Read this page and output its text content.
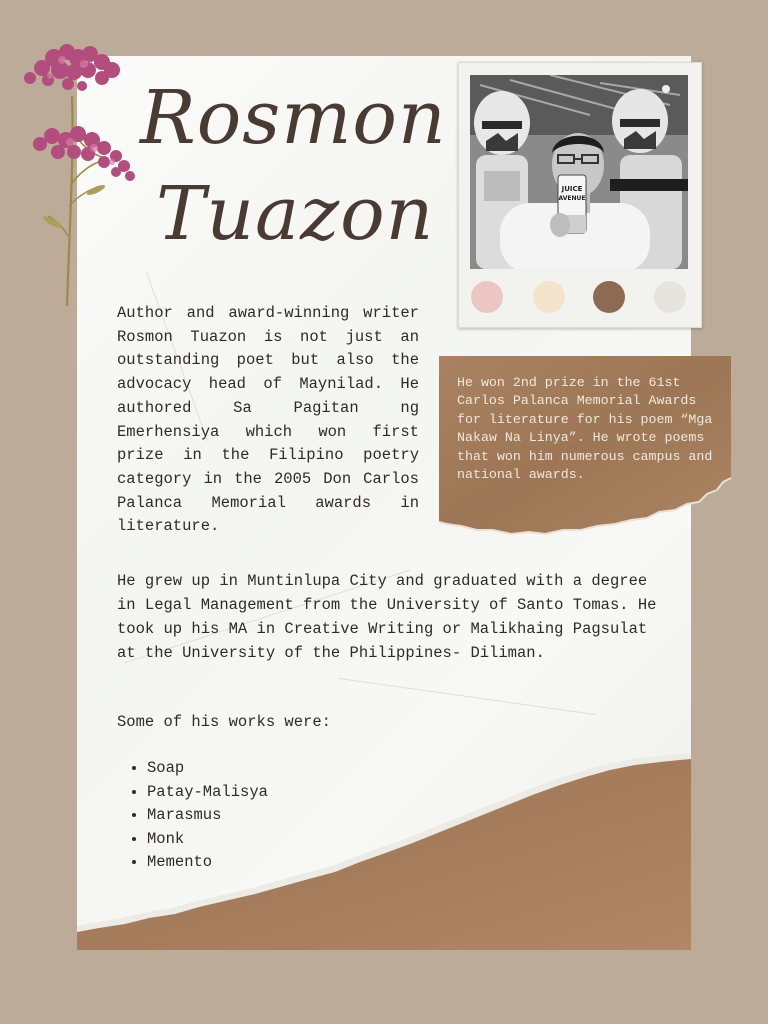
Rosmon
Tuazon	JUICE
AVENUE

Author and award-winning writer Rosmon Tuazon is not just an outstanding poet but also the advocacy head of Maynilad. He authored Sa Pagitan ng Emerhensiya which won first prize in the Filipino poetry category in the 2005 Don Carlos Palanca Memorial awards in literature.

He won 2nd prize in the 61st Carlos Palanca Memorial Awards for literature for his poem “Mga Nakaw Na Linya”. He wrote poems that won him numerous campus and national awards.

He grew up in Muntinlupa City and graduated with a degree in Legal Management from the University of Santo Tomas. He took up his MA in Creative Writing or Malikhaing Pagsulat at the University of the Philippines- Diliman.

Some of his works were:

• Soap
• Patay-Malisya
• Marasmus
• Monk
• Memento
